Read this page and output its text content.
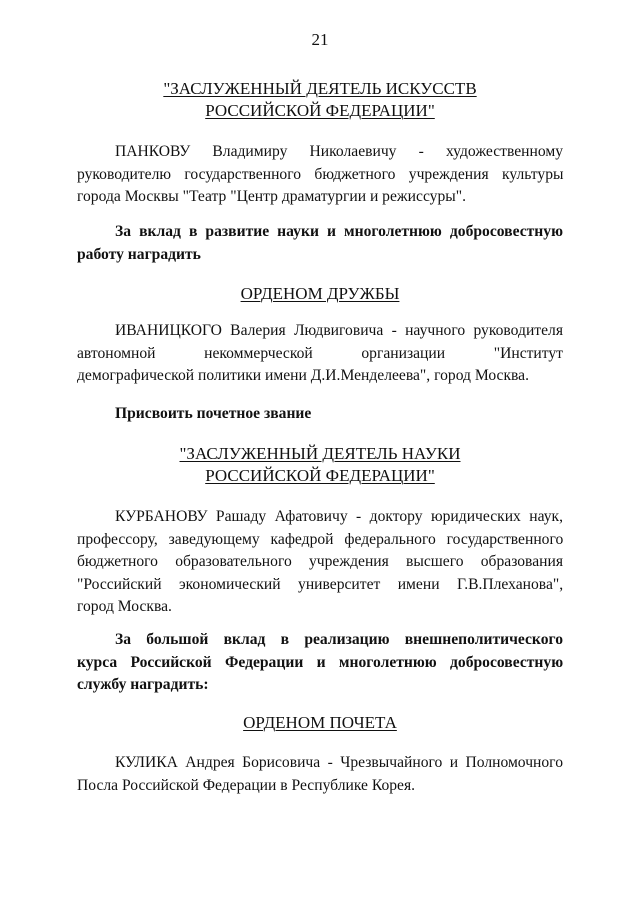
21
"ЗАСЛУЖЕННЫЙ ДЕЯТЕЛЬ ИСКУССТВ
РОССИЙСКОЙ ФЕДЕРАЦИИ"
ПАНКОВУ Владимиру Николаевичу - художественному
руководителю государственного бюджетного учреждения культуры
города Москвы "Театр "Центр драматургии и режиссуры".
За вклад в развитие науки и многолетнюю добросовестную
работу наградить
ОРДЕНОМ ДРУЖБЫ
ИВАНИЦКОГО Валерия Людвиговича - научного руководителя
автономной некоммерческой организации "Институт
демографической политики имени Д.И.Менделеева", город Москва.
Присвоить почетное звание
"ЗАСЛУЖЕННЫЙ ДЕЯТЕЛЬ НАУКИ
РОССИЙСКОЙ ФЕДЕРАЦИИ"
КУРБАНОВУ Рашаду Афатовичу - доктору юридических наук,
профессору, заведующему кафедрой федерального государственного
бюджетного образовательного учреждения высшего образования
"Российский экономический университет имени Г.В.Плеханова",
город Москва.
За большой вклад в реализацию внешнеполитического
курса Российской Федерации и многолетнюю добросовестную
службу наградить:
ОРДЕНОМ ПОЧЕТА
КУЛИКА Андрея Борисовича - Чрезвычайного и Полномочного
Посла Российской Федерации в Республике Корея.
